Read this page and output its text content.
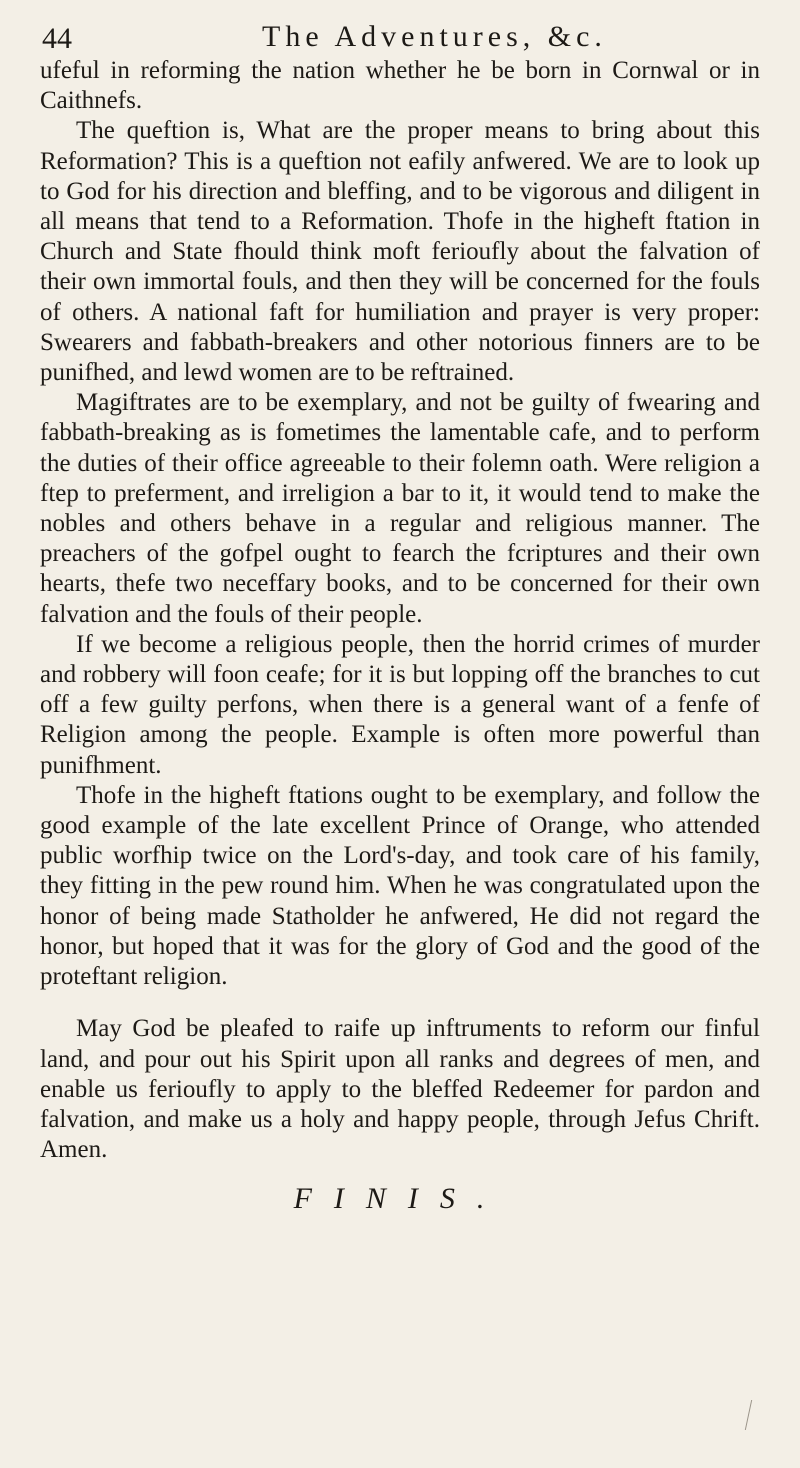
44	The Adventures, &c.

ufeful in reforming the nation whether he be born in Cornwal or in Caithnefs.

The queftion is, What are the proper means to bring about this Reformation? This is a queftion not eafily anfwered. We are to look up to God for his direction and bleffing, and to be vigorous and diligent in all means that tend to a Reformation. Thofe in the higheft ftation in Church and State fhould think moft ferioufly about the falvation of their own immortal fouls, and then they will be concerned for the fouls of others. A national faft for humiliation and prayer is very proper: Swearers and fabbath-breakers and other notorious finners are to be punifhed, and lewd women are to be reftrained.

Magiftrates are to be exemplary, and not be guilty of fwearing and fabbath-breaking as is fometimes the lamentable cafe, and to perform the duties of their office agreeable to their folemn oath. Were religion a ftep to preferment, and irreligion a bar to it, it would tend to make the nobles and others behave in a regular and religious manner. The preachers of the gofpel ought to fearch the fcriptures and their own hearts, thefe two neceffary books, and to be concerned for their own falvation and the fouls of their people.

If we become a religious people, then the horrid crimes of murder and robbery will foon ceafe; for it is but lopping off the branches to cut off a few guilty perfons, when there is a general want of a fenfe of Religion among the people. Example is often more powerful than punifhment.

Thofe in the higheft ftations ought to be exemplary, and follow the good example of the late excellent Prince of Orange, who attended public worfhip twice on the Lord's-day, and took care of his family, they fitting in the pew round him. When he was congratulated upon the honor of being made Statholder he anfwered, He did not regard the honor, but hoped that it was for the glory of God and the good of the proteftant religion.

May God be pleafed to raife up inftruments to reform our finful land, and pour out his Spirit upon all ranks and degrees of men, and enable us ferioufly to apply to the bleffed Redeemer for pardon and falvation, and make us a holy and happy people, through Jefus Chrift. Amen.

FINIS.
